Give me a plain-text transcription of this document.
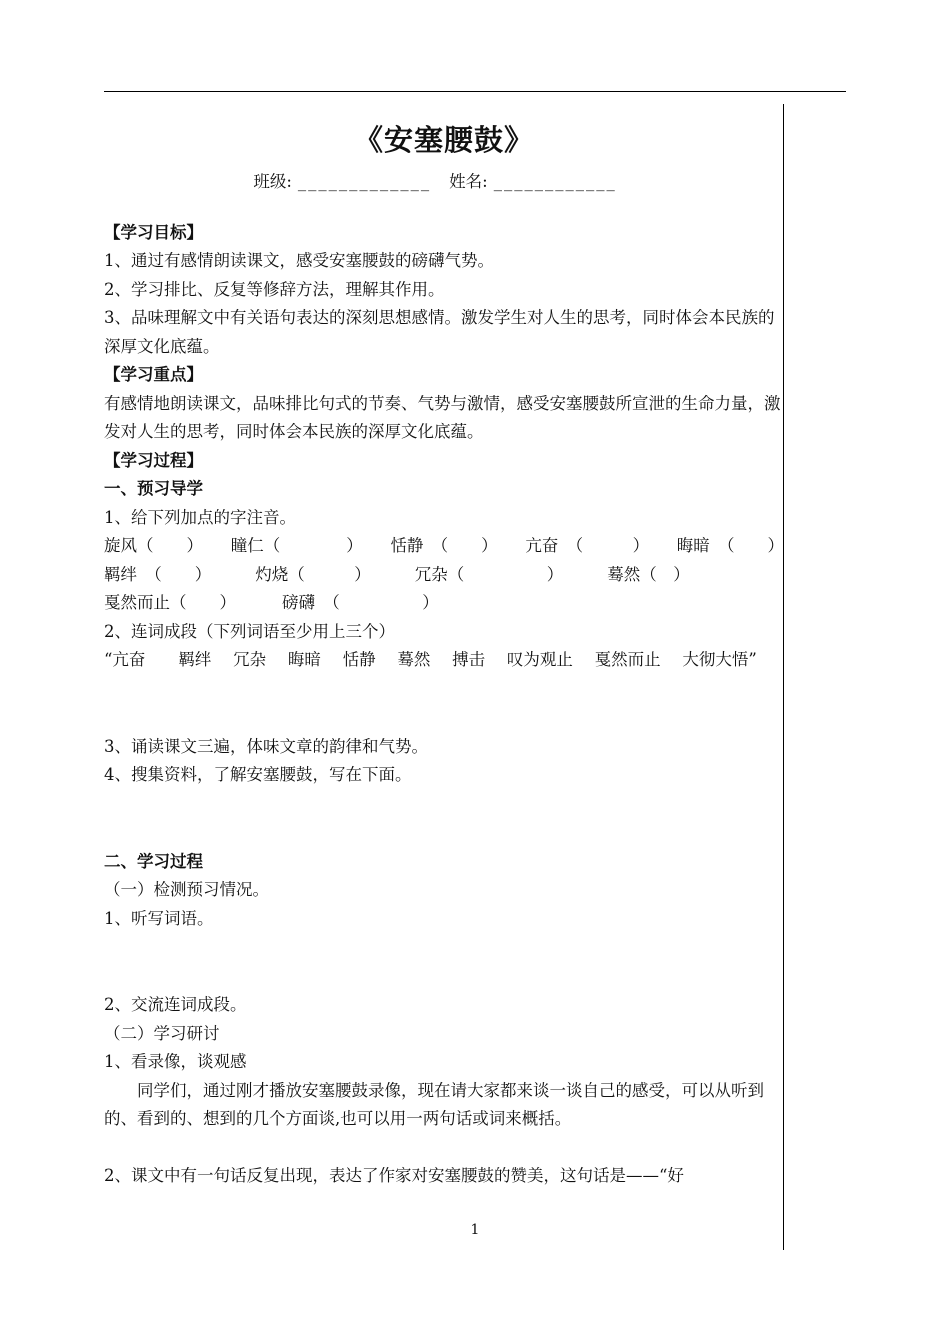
《安塞腰鼓》
班级: _____________ 姓名: ____________

【学习目标】

1、通过有感情朗读课文，感受安塞腰鼓的磅礴气势。

2、学习排比、反复等修辞方法，理解其作用。

3、品味理解文中有关语句表达的深刻思想感情。激发学生对人生的思考，同时体会本民族的深厚文化底蕴。

【学习重点】

有感情地朗读课文，品味排比句式的节奏、气势与激情，感受安塞腰鼓所宣泄的生命力量，激发对人生的思考，同时体会本民族的深厚文化底蕴。

【学习过程】

一、预习导学

1、给下列加点的字注音。

旋风（　　） 瞳仁（　　　　） 恬静　（　　） 亢奋　（　　　） 晦暗　（　　）
羁绊　（　　）	灼烧（　　　）	冗杂（　　　　　）	蓦然（　）
戛然而止（　　）	磅礴　（　　　　　）

2、连词成段（下列词语至少用上三个）

“亢奋　　羁绊　 冗杂　 晦暗　 恬静　 蓦然　 搏击　 叹为观止　 戛然而止　 大彻大悟”

3、诵读课文三遍，体味文章的韵律和气势。

4、搜集资料，了解安塞腰鼓，写在下面。

二、学习过程

（一）检测预习情况。

1、听写词语。

2、交流连词成段。

（二）学习研讨

1、看录像，谈观感

同学们，通过刚才播放安塞腰鼓录像，现在请大家都来谈一谈自己的感受，可以从听到的、看到的、想到的几个方面谈,也可以用一两句话或词来概括。

2、课文中有一句话反复出现，表达了作家对安塞腰鼓的赞美，这句话是——“好

1
